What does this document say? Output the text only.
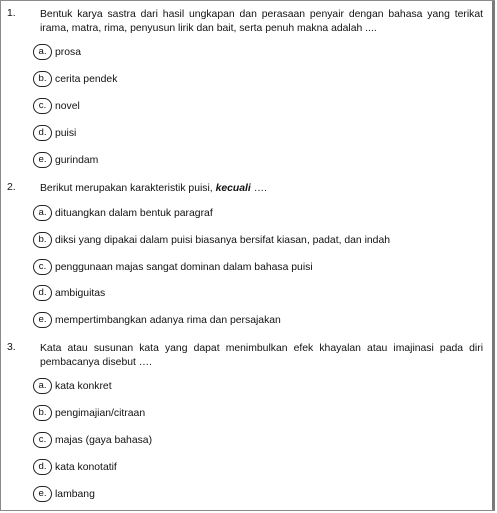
1. Bentuk karya sastra dari hasil ungkapan dan perasaan penyair dengan bahasa yang terikat irama, matra, rima, penyusun lirik dan bait, serta penuh makna adalah ....
a. prosa
b. cerita pendek
c. novel
d. puisi
e. gurindam
2. Berikut merupakan karakteristik puisi, kecuali ….
a. dituangkan dalam bentuk paragraf
b. diksi yang dipakai dalam puisi biasanya bersifat kiasan, padat, dan indah
c. penggunaan majas sangat dominan dalam bahasa puisi
d. ambiguitas
e. mempertimbangkan adanya rima dan persajakan
3. Kata atau susunan kata yang dapat menimbulkan efek khayalan atau imajinasi pada diri pembacanya disebut ….
a. kata konkret
b. pengimajian/citraan
c. majas (gaya bahasa)
d. kata konotatif
e. lambang
